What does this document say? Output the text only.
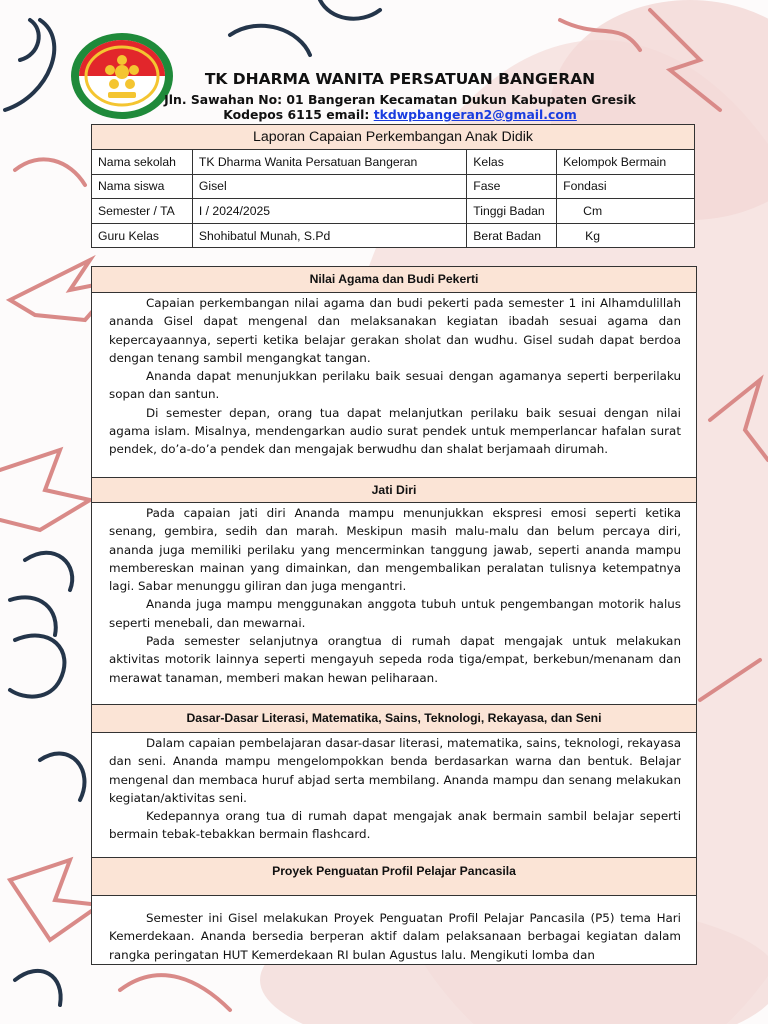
TK DHARMA WANITA PERSATUAN BANGERAN
Jln. Sawahan No: 01 Bangeran Kecamatan Dukun Kabupaten Gresik
Kodepos 6115 email: tkdwpbangeran2@gmail.com
Laporan Capaian Perkembangan Anak Didik			
Nama sekolah	TK Dharma Wanita Persatuan Bangeran	Kelas	Kelompok Bermain
Nama siswa	Gisel	Fase	Fondasi
Semester / TA	I / 2024/2025	Tinggi Badan	Cm
Guru Kelas	Shohibatul Munah, S.Pd	Berat Badan	Kg
Nilai Agama dan Budi Pekerti

Capaian perkembangan nilai agama dan budi pekerti pada semester 1 ini Alhamdulillah ananda Gisel dapat mengenal dan melaksanakan kegiatan ibadah sesuai agama dan kepercayaannya, seperti ketika belajar gerakan sholat dan wudhu. Gisel sudah dapat berdoa dengan tenang sambil mengangkat tangan.

Ananda dapat menunjukkan perilaku baik sesuai dengan agamanya seperti berperilaku sopan dan santun.

Di semester depan, orang tua dapat melanjutkan perilaku baik sesuai dengan nilai agama islam. Misalnya, mendengarkan audio surat pendek untuk memperlancar hafalan surat pendek, do’a-do’a pendek dan mengajak berwudhu dan shalat berjamaah dirumah.

Jati Diri

Pada capaian jati diri Ananda mampu menunjukkan ekspresi emosi seperti ketika senang, gembira, sedih dan marah. Meskipun masih malu-malu dan belum percaya diri, ananda juga memiliki perilaku yang mencerminkan tanggung jawab, seperti ananda mampu membereskan mainan yang dimainkan, dan mengembalikan peralatan tulisnya ketempatnya lagi. Sabar menunggu giliran dan juga mengantri.

Ananda juga mampu menggunakan anggota tubuh untuk pengembangan motorik halus seperti menebali, dan mewarnai.

Pada semester selanjutnya orangtua di rumah dapat mengajak untuk melakukan aktivitas motorik lainnya seperti mengayuh sepeda roda tiga/empat, berkebun/menanam dan merawat tanaman, memberi makan hewan peliharaan.

Dasar-Dasar Literasi, Matematika, Sains, Teknologi, Rekayasa, dan Seni

Dalam capaian pembelajaran dasar-dasar literasi, matematika, sains, teknologi, rekayasa dan seni. Ananda mampu mengelompokkan benda berdasarkan warna dan bentuk. Belajar mengenal dan membaca huruf abjad serta membilang. Ananda mampu dan senang melakukan kegiatan/aktivitas seni.

Kedepannya orang tua di rumah dapat mengajak anak bermain sambil belajar seperti bermain tebak-tebakkan bermain flashcard.

Proyek Penguatan Profil Pelajar Pancasila

Semester ini Gisel melakukan Proyek Penguatan Profil Pelajar Pancasila (P5) tema Hari Kemerdekaan. Ananda bersedia berperan aktif dalam pelaksanaan berbagai kegiatan dalam rangka peringatan HUT Kemerdekaan RI bulan Agustus lalu. Mengikuti lomba dan
